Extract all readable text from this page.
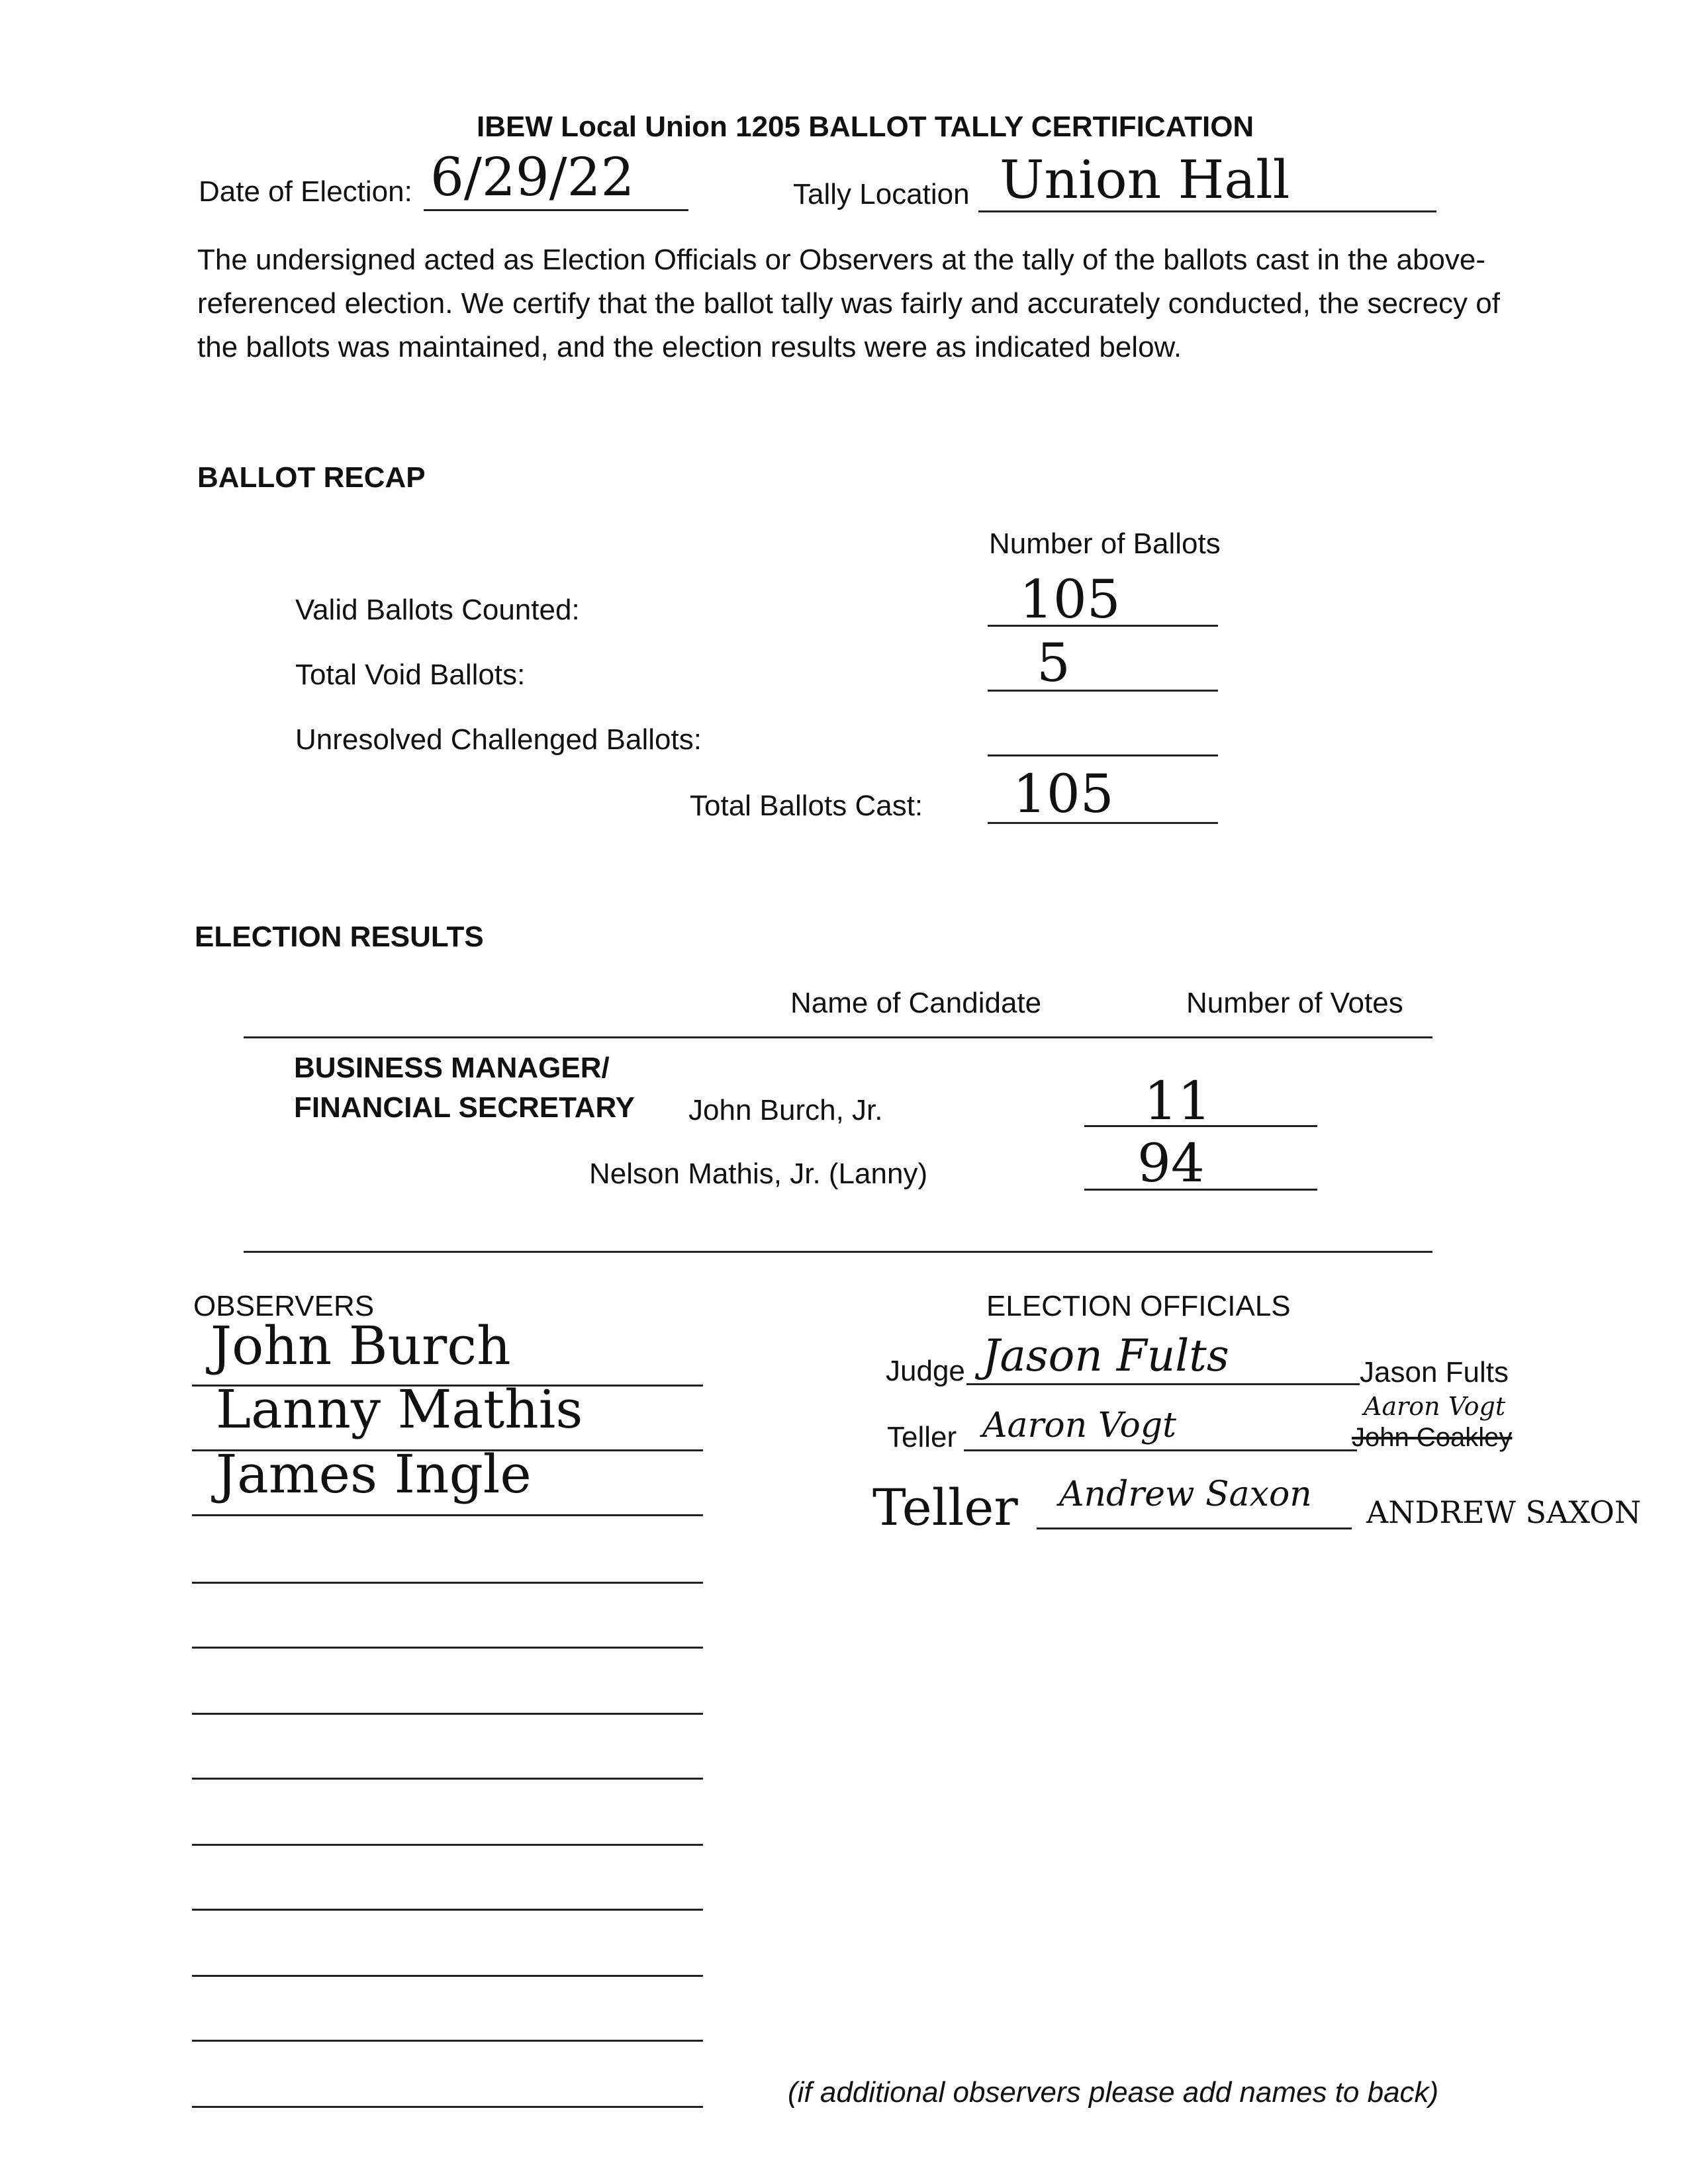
IBEW Local Union 1205 BALLOT TALLY CERTIFICATION
Date of Election: 6/29/22	Tally Location Union Hall
The undersigned acted as Election Officials or Observers at the tally of the ballots cast in the above-referenced election. We certify that the ballot tally was fairly and accurately conducted, the secrecy of the ballots was maintained, and the election results were as indicated below.
BALLOT RECAP
Number of Ballots
Valid Ballots Counted:	105
Total Void Ballots:	5
Unresolved Challenged Ballots:
Total Ballots Cast: 105
ELECTION RESULTS
Name of Candidate	Number of Votes
BUSINESS MANAGER/
FINANCIAL SECRETARY John Burch, Jr.	11
Nelson Mathis, Jr. (Lanny)	94
OBSERVERS
John Burch
Lanny Mathis
James Ingle
ELECTION OFFICIALS
Judge Jason Fults	Jason Fults
Teller Aaron Vogt	Aaron Vogt
John Coakley
Teller Andrew Saxon ANDREW SAXON
(if additional observers please add names to back)
